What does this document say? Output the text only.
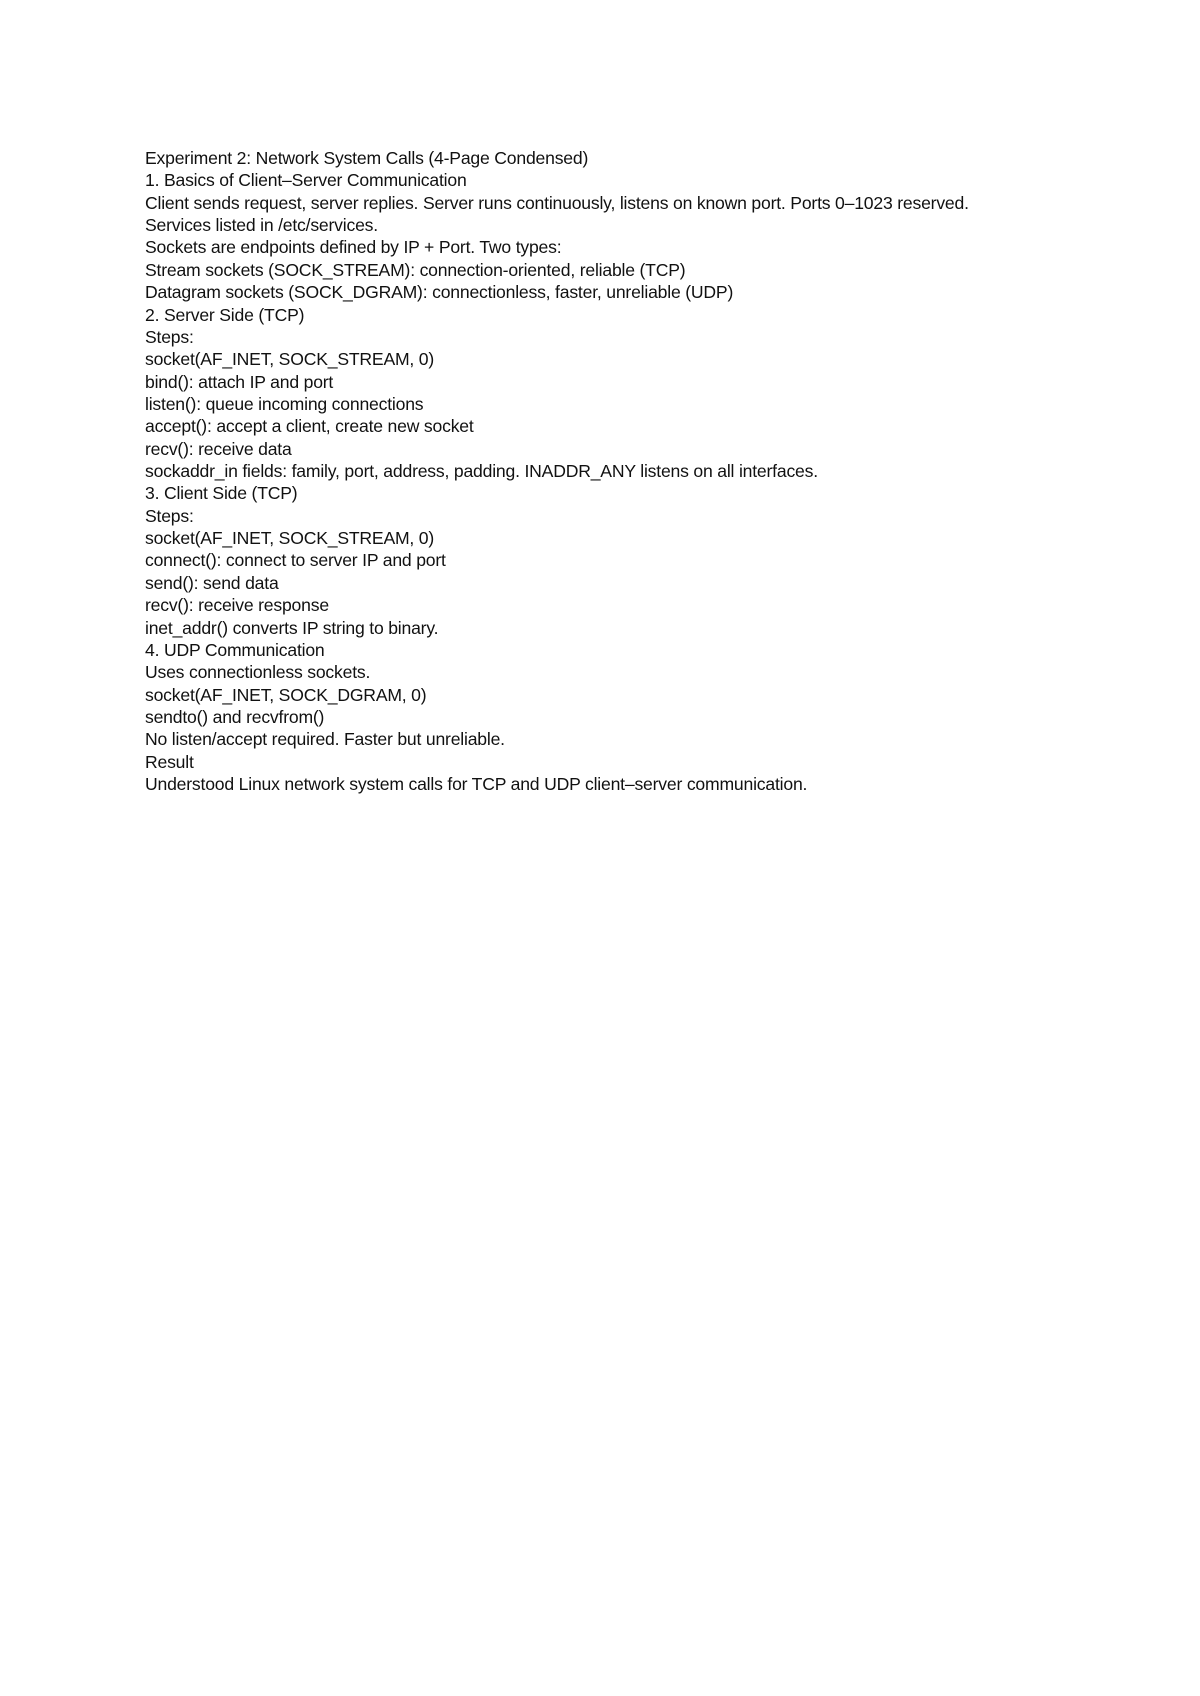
Experiment 2: Network System Calls (4-Page Condensed)

1. Basics of Client–Server Communication

Client sends request, server replies. Server runs continuously, listens on known port. Ports 0–1023 reserved. Services listed in /etc/services.

Sockets are endpoints defined by IP + Port. Two types:

Stream sockets (SOCK_STREAM): connection-oriented, reliable (TCP)

Datagram sockets (SOCK_DGRAM): connectionless, faster, unreliable (UDP)

2. Server Side (TCP)

Steps:

socket(AF_INET, SOCK_STREAM, 0)

bind(): attach IP and port

listen(): queue incoming connections

accept(): accept a client, create new socket

recv(): receive data

sockaddr_in fields: family, port, address, padding. INADDR_ANY listens on all interfaces.

3. Client Side (TCP)

Steps:

socket(AF_INET, SOCK_STREAM, 0)

connect(): connect to server IP and port

send(): send data

recv(): receive response

inet_addr() converts IP string to binary.

4. UDP Communication

Uses connectionless sockets.

socket(AF_INET, SOCK_DGRAM, 0)

sendto() and recvfrom()

No listen/accept required. Faster but unreliable.

Result

Understood Linux network system calls for TCP and UDP client–server communication.
